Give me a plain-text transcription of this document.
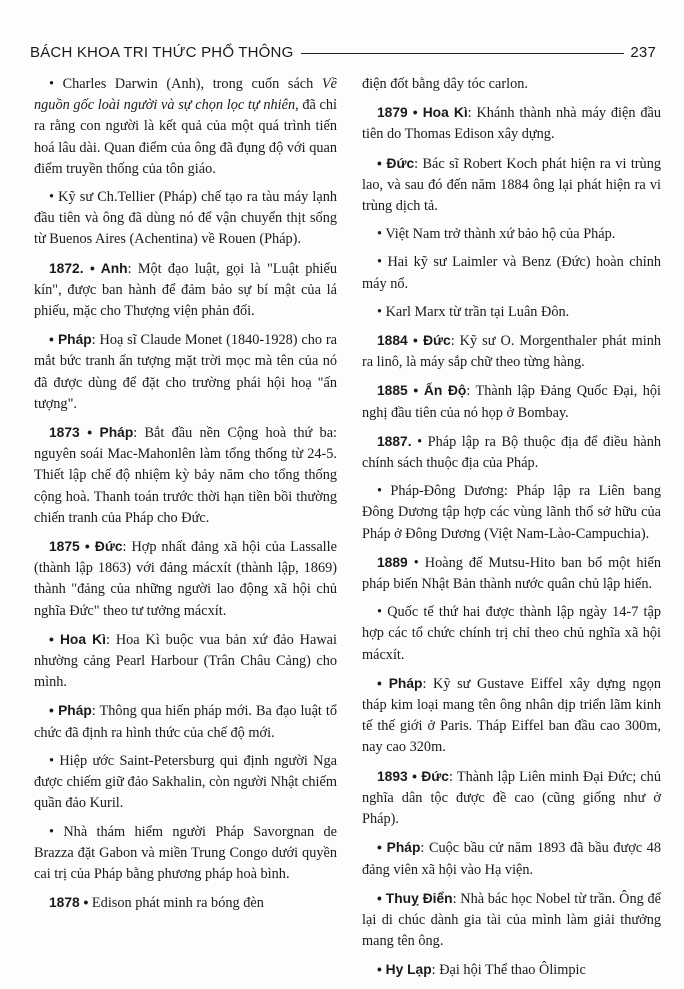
BÁCH KHOA TRI THỨC PHỔ THÔNG	237

• Charles Darwin (Anh), trong cuốn sách Về nguồn gốc loài người và sự chọn lọc tự nhiên, đã chỉ ra rằng con người là kết quả của một quá trình tiến hoá lâu dài. Quan điểm của ông đã đụng độ với quan điểm truyền thống của tôn giáo.

• Kỹ sư Ch.Tellier (Pháp) chế tạo ra tàu máy lạnh đầu tiên và ông đã dùng nó để vận chuyển thịt sống từ Buenos Aires (Achentina) về Rouen (Pháp).

1872. • Anh: Một đạo luật, gọi là "Luật phiếu kín", được ban hành để đảm bảo sự bí mật của lá phiếu, mặc cho Thượng viện phản đối.

• Pháp: Hoạ sĩ Claude Monet (1840-1928) cho ra mắt bức tranh ấn tượng mặt trời mọc mà tên của nó đã được dùng để đặt cho trường phái hội hoạ "ấn tượng".

1873 • Pháp: Bắt đầu nền Cộng hoà thứ ba: nguyên soái Mac-Mahonlên làm tổng thống từ 24-5. Thiết lập chế độ nhiệm kỳ bảy năm cho tổng thống cộng hoà. Thanh toán trước thời hạn tiền bồi thường chiến tranh của Pháp cho Đức.

1875 • Đức: Hợp nhất đảng xã hội của Lassalle (thành lập 1863) với đảng mácxít (thành lập, 1869) thành "đảng của những người lao động xã hội chủ nghĩa Đức" theo tư tưởng mácxít.

• Hoa Kì: Hoa Kì buộc vua bản xứ đảo Hawai nhường cảng Pearl Harbour (Trân Châu Cảng) cho mình.

• Pháp: Thông qua hiến pháp mới. Ba đạo luật tổ chức đã định ra hình thức của chế độ mới.

• Hiệp ước Saint-Petersburg qui định người Nga được chiếm giữ đảo Sakhalin, còn người Nhật chiếm quần đảo Kuril.

• Nhà thám hiểm người Pháp Savorgnan de Brazza đặt Gabon và miền Trung Congo dưới quyền cai trị của Pháp bằng phương pháp hoà bình.

1878 • Edison phát minh ra bóng đèn

điện đốt bằng dây tóc carlon.

1879 • Hoa Kì: Khánh thành nhà máy điện đầu tiên do Thomas Edison xây dựng.

• Đức: Bác sĩ Robert Koch phát hiện ra vi trùng lao, và sau đó đến năm 1884 ông lại phát hiện ra vi trùng dịch tả.

• Việt Nam trở thành xứ bảo hộ của Pháp.

• Hai kỹ sư Laimler và Benz (Đức) hoàn chỉnh máy nổ.

• Karl Marx từ trần tại Luân Đôn.

1884 • Đức: Kỹ sư O. Morgenthaler phát minh ra linô, là máy sắp chữ theo từng hàng.

1885 • Ấn Độ: Thành lập Đảng Quốc Đại, hội nghị đầu tiên của nó họp ở Bombay.

1887. • Pháp lập ra Bộ thuộc địa để điều hành chính sách thuộc địa của Pháp.

• Pháp-Đông Dương: Pháp lập ra Liên bang Đông Dương tập hợp các vùng lãnh thổ sở hữu của Pháp ở Đông Dương (Việt Nam-Lào-Campuchia).

1889 • Hoàng đế Mutsu-Hito ban bố một hiến pháp biến Nhật Bản thành nước quân chủ lập hiến.

• Quốc tế thứ hai được thành lập ngày 14-7 tập hợp các tổ chức chính trị chỉ theo chủ nghĩa xã hội mácxít.

• Pháp: Kỹ sư Gustave Eiffel xây dựng ngọn tháp kim loại mang tên ông nhân dịp triển lãm kinh tế thế giới ở Paris. Tháp Eiffel ban đầu cao 300m, nay cao 320m.

1893 • Đức: Thành lập Liên minh Đại Đức; chủ nghĩa dân tộc được đề cao (cũng giống như ở Pháp).

• Pháp: Cuộc bầu cử năm 1893 đã bầu được 48 đảng viên xã hội vào Hạ viện.

• Thuỵ Điển: Nhà bác học Nobel từ trần. Ông để lại di chúc dành gia tài của mình làm giải thưởng mang tên ông.

• Hy Lạp: Đại hội Thể thao Ôlimpic
